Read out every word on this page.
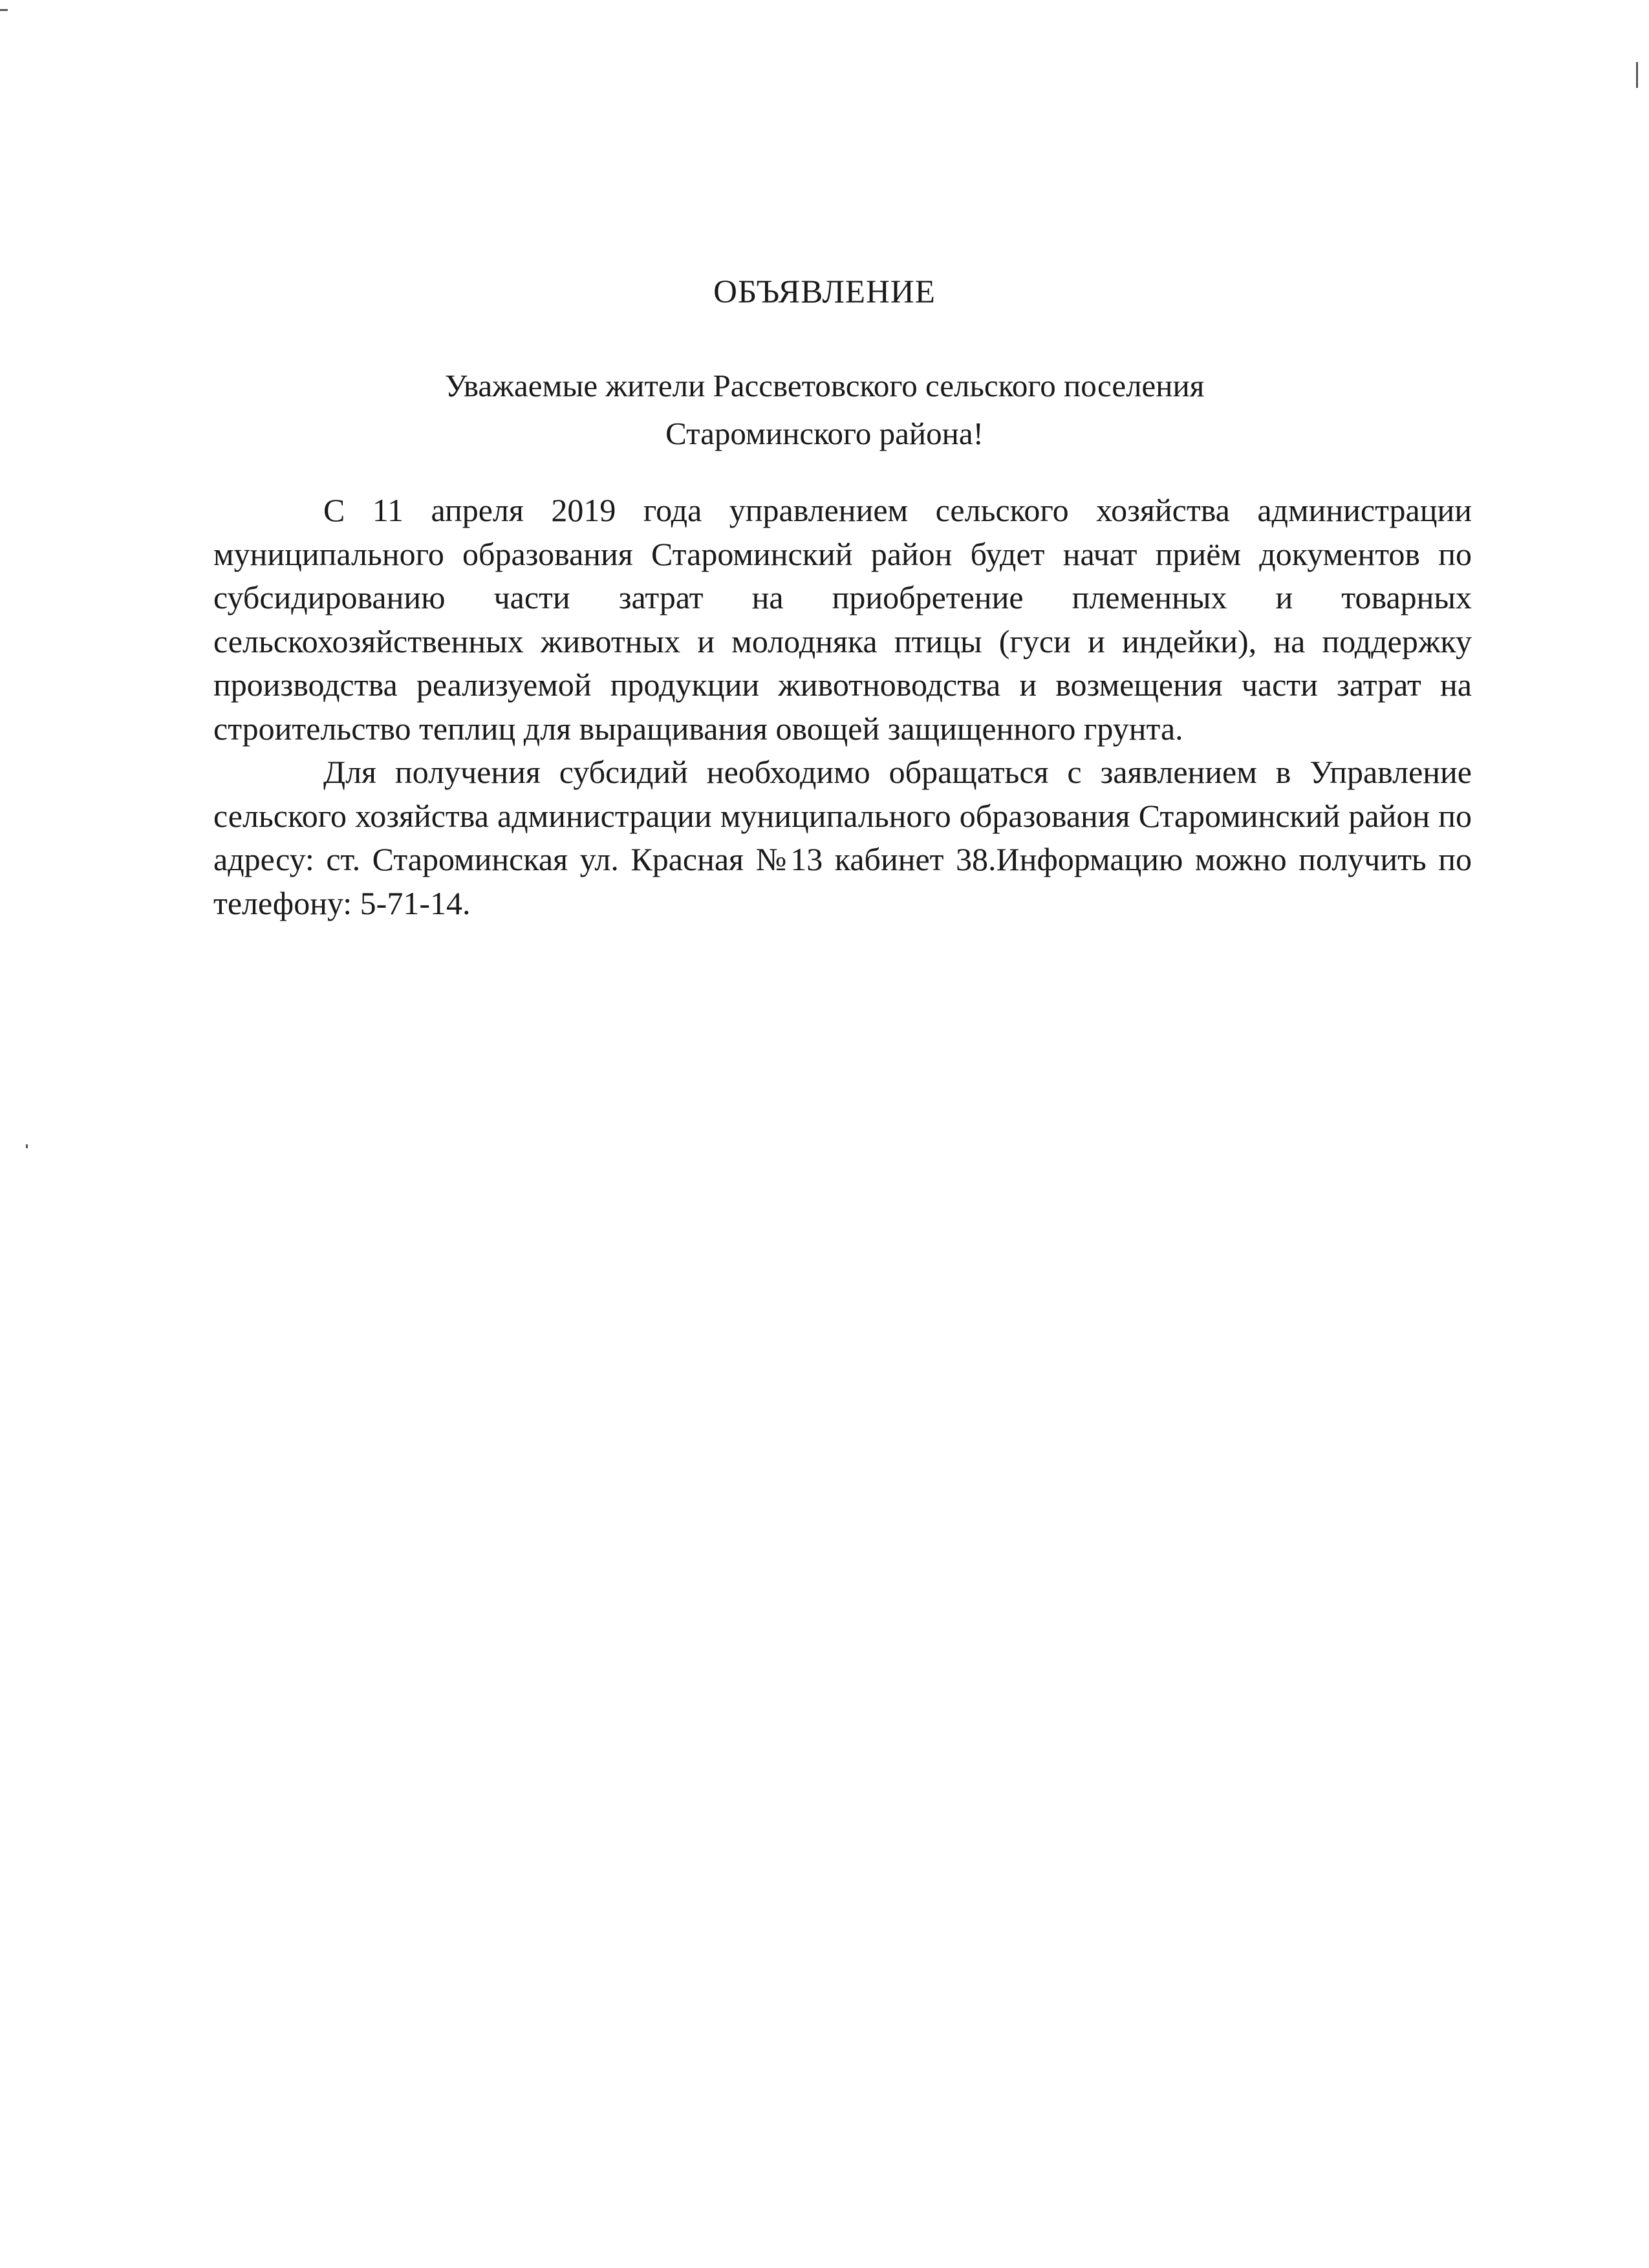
ОБЪЯВЛЕНИЕ
Уважаемые жители Рассветовского сельского поселения
Староминского района!

С 11 апреля 2019 года управлением сельского хозяйства администрации муниципального образования Староминский район будет начат приём документов по субсидированию части затрат на приобретение племенных и товарных сельскохозяйственных животных и молодняка птицы (гуси и индейки), на поддержку производства реализуемой продукции животноводства и возмещения части затрат на строительство теплиц для выращивания овощей защищенного грунта.

Для получения субсидий необходимо обращаться с заявлением в Управление сельского хозяйства администрации муниципального образования Староминский район по адресу: ст. Староминская ул. Красная №13 кабинет 38.Информацию можно получить по телефону: 5-71-14.
